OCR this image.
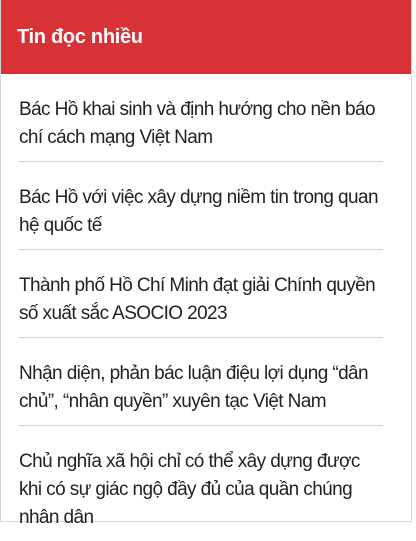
Tin đọc nhiều
Bác Hồ khai sinh và định hướng cho nền báo chí cách mạng Việt Nam
Bác Hồ với việc xây dựng niềm tin trong quan hệ quốc tế
Thành phố Hồ Chí Minh đạt giải Chính quyền số xuất sắc ASOCIO 2023
Nhận diện, phản bác luận điệu lợi dụng “dân chủ”, “nhân quyền” xuyên tạc Việt Nam
Chủ nghĩa xã hội chỉ có thể xây dựng được khi có sự giác ngộ đầy đủ của quần chúng nhân dân
